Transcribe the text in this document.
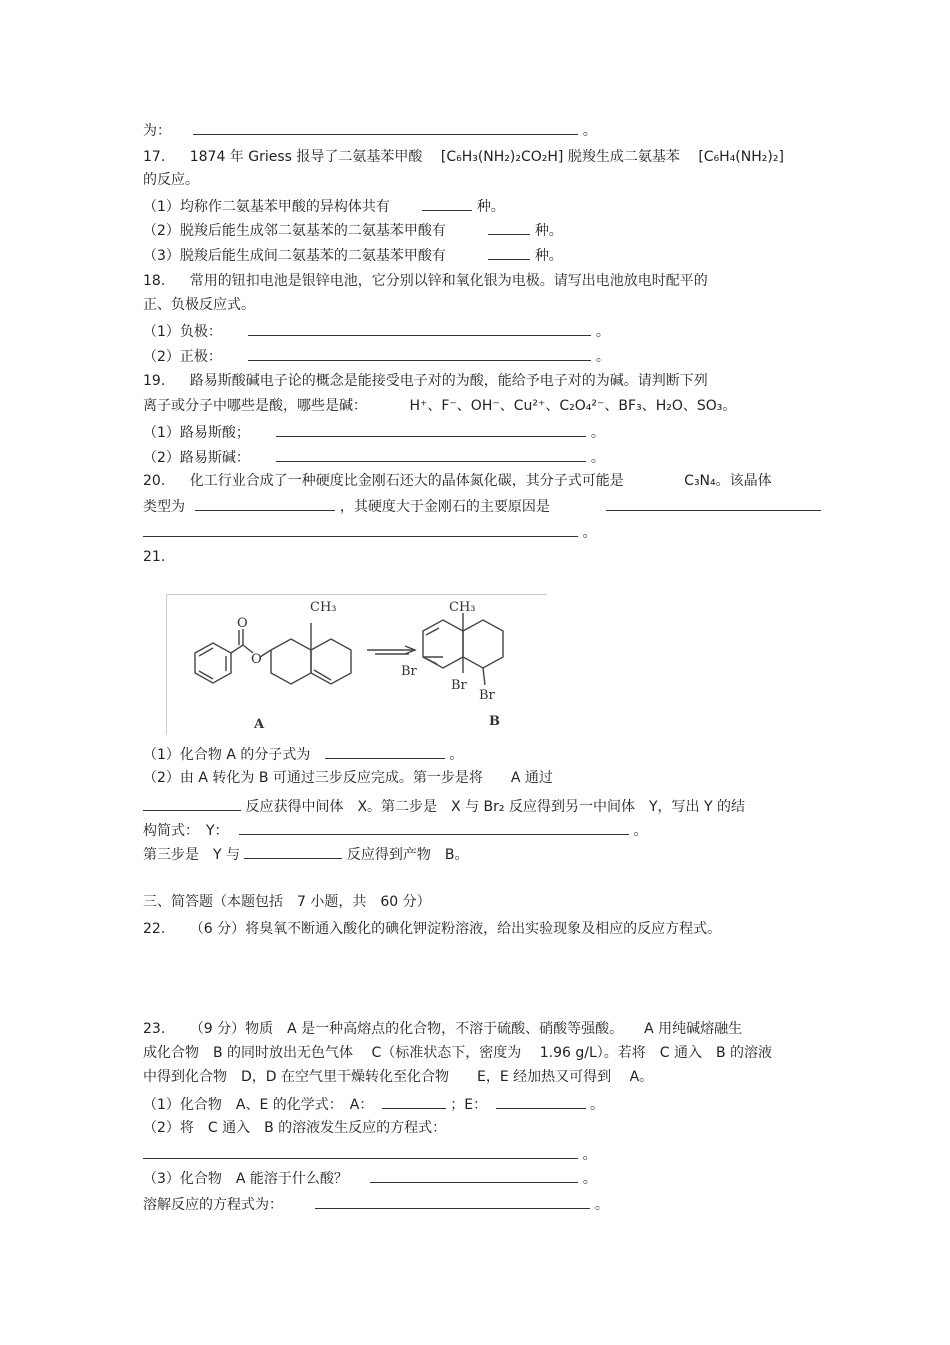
为：	。
17. 1874 年 Griess 报导了二氨基苯甲酸 [C₆H₃(NH₂)₂CO₂H] 脱羧生成二氨基苯 [C₆H₄(NH₂)₂]
的反应。
（1）均称作二氨基苯甲酸的异构体共有	种。
（2）脱羧后能生成邻二氨基苯的二氨基苯甲酸有	种。
（3）脱羧后能生成间二氨基苯的二氨基苯甲酸有	种。
18. 常用的钮扣电池是银锌电池，它分别以锌和氧化银为电极。请写出电池放电时配平的
正、负极反应式。
（1）负极：	。
（2）正极：	。
19. 路易斯酸碱电子论的概念是能接受电子对的为酸，能给予电子对的为碱。请判断下列
离子或分子中哪些是酸，哪些是碱：	H⁺、F⁻、OH⁻、Cu²⁺、C₂O₄²⁻、BF₃、H₂O、SO₃。
（1）路易斯酸；	。
（2）路易斯碱：	。
20. 化工行业合成了一种硬度比金刚石还大的晶体氮化碳，其分子式可能是	C₃N₄。该晶体
类型为	，其硬度大于金刚石的主要原因是
。
21.
CH₃
O
O
A
CH₃
Br
Br
Br
B
（1）化合物 A 的分子式为	。
（2）由 A 转化为 B 可通过三步反应完成。第一步是将　　A 通过
反应获得中间体　X。第二步是　X 与 Br₂ 反应得到另一中间体　Y，写出 Y 的结
构简式：　Y：	。
第三步是　Y 与	反应得到产物　B。
三、简答题（本题包括　7 小题，共　60 分）
22. （6 分）将臭氧不断通入酸化的碘化钾淀粉溶液，给出实验现象及相应的反应方程式。
23. （9 分）物质　A 是一种高熔点的化合物，不溶于硫酸、硝酸等强酸。　　A 用纯碱熔融生
成化合物　B 的同时放出无色气体　 C（标准状态下，密度为　 1.96 g/L）。若将　C 通入　B 的溶液
中得到化合物　D，D 在空气里干燥转化至化合物　　E，E 经加热又可得到　 A。
（1）化合物　A、E 的化学式：　A：	；E：	。
（2）将　C 通入　B 的溶液发生反应的方程式：
。
（3）化合物　A 能溶于什么酸？	。
溶解反应的方程式为：	。
